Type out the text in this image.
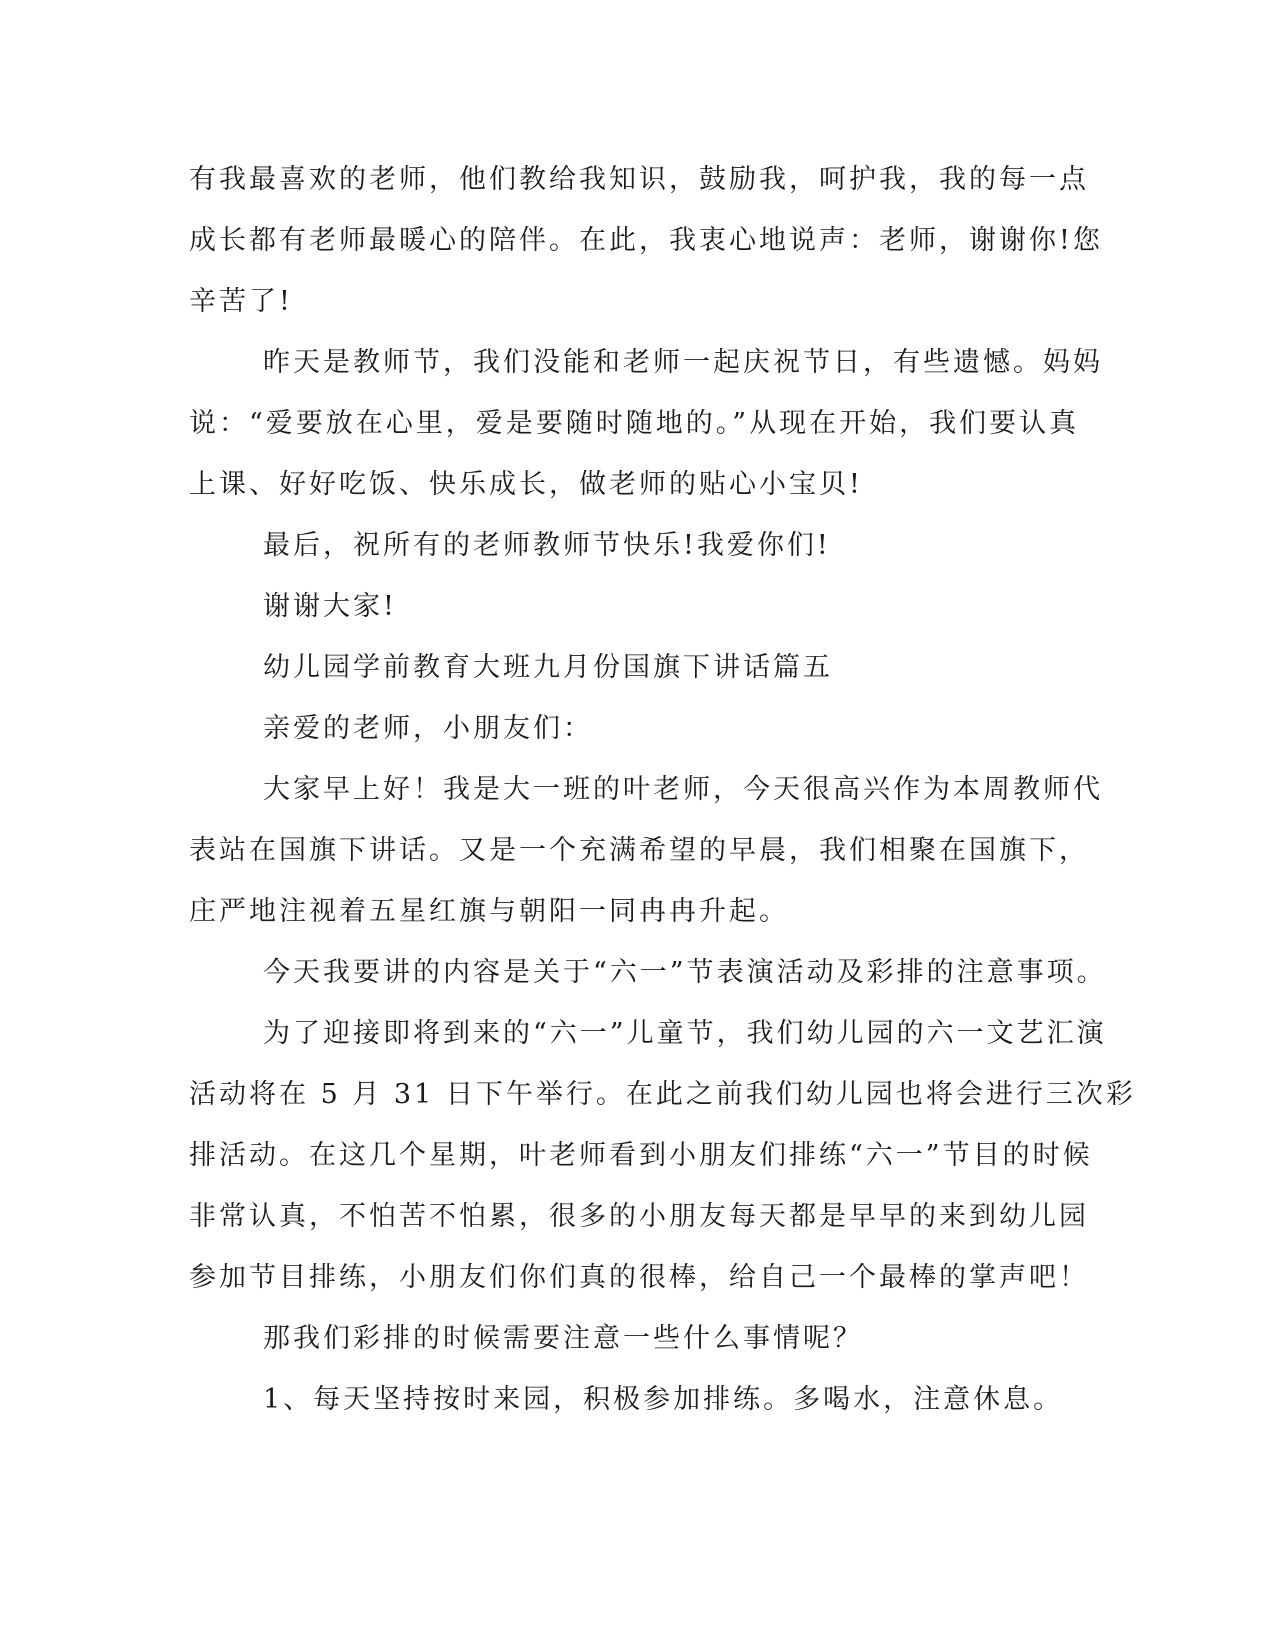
有我最喜欢的老师，他们教给我知识，鼓励我，呵护我，我的每一点
成长都有老师最暖心的陪伴。在此，我衷心地说声：老师，谢谢你!您
辛苦了!
昨天是教师节，我们没能和老师一起庆祝节日，有些遗憾。妈妈
说：“爱要放在心里，爱是要随时随地的。”从现在开始，我们要认真
上课、好好吃饭、快乐成长，做老师的贴心小宝贝!
最后，祝所有的老师教师节快乐!我爱你们!
谢谢大家!
幼儿园学前教育大班九月份国旗下讲话篇五
亲爱的老师，小朋友们：
大家早上好！我是大一班的叶老师，今天很高兴作为本周教师代
表站在国旗下讲话。又是一个充满希望的早晨，我们相聚在国旗下，
庄严地注视着五星红旗与朝阳一同冉冉升起。
今天我要讲的内容是关于“六一”节表演活动及彩排的注意事项。
为了迎接即将到来的“六一”儿童节，我们幼儿园的六一文艺汇演
活动将在 5 月 31 日下午举行。在此之前我们幼儿园也将会进行三次彩
排活动。在这几个星期，叶老师看到小朋友们排练“六一”节目的时候
非常认真，不怕苦不怕累，很多的小朋友每天都是早早的来到幼儿园
参加节目排练，小朋友们你们真的很棒，给自己一个最棒的掌声吧！
那我们彩排的时候需要注意一些什么事情呢？
1、每天坚持按时来园，积极参加排练。多喝水，注意休息。
